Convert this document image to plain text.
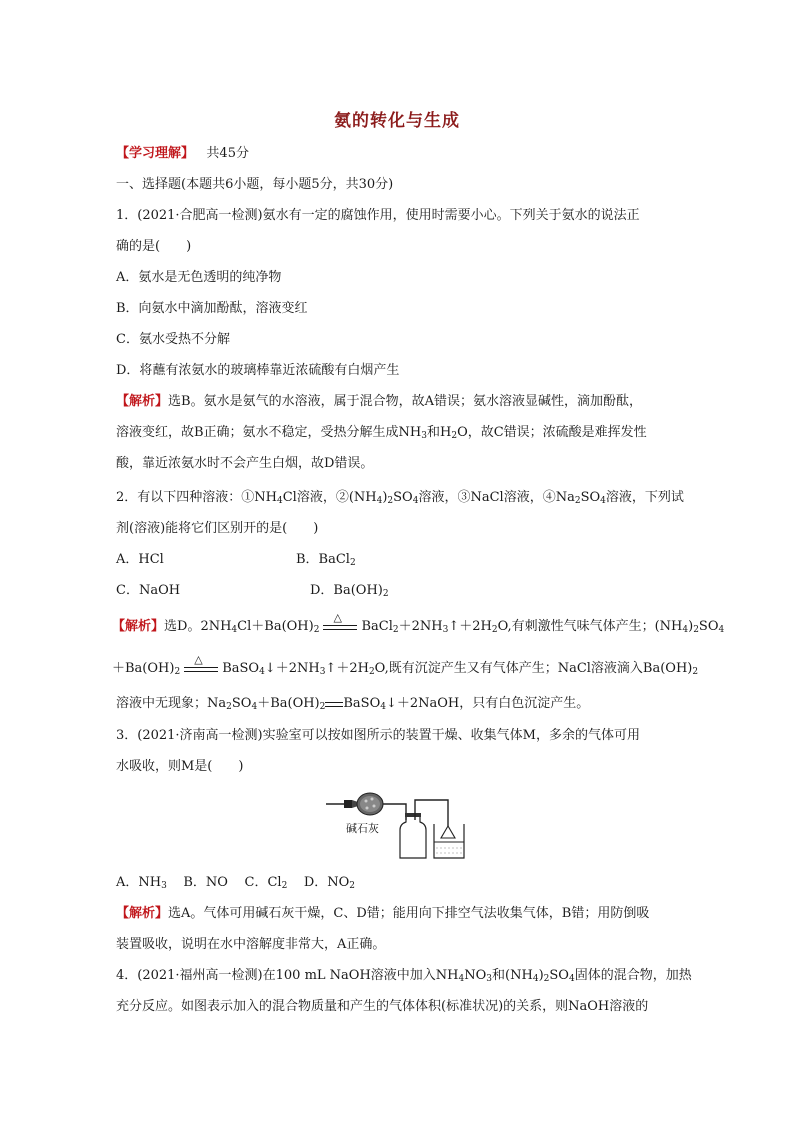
氨的转化与生成
【学习理解】 共45分
一、选择题(本题共6小题，每小题5分，共30分)
1．(2021·合肥高一检测)氨水有一定的腐蚀作用，使用时需要小心。下列关于氨水的说法正
确的是(　　)
A．氨水是无色透明的纯净物
B．向氨水中滴加酚酞，溶液变红
C．氨水受热不分解
D．将蘸有浓氨水的玻璃棒靠近浓硫酸有白烟产生
【解析】选B。氨水是氨气的水溶液，属于混合物，故A错误；氨水溶液显碱性，滴加酚酞，
溶液变红，故B正确；氨水不稳定，受热分解生成$NH_3$和$H_2O$，故C错误；浓硫酸是难挥发性
酸，靠近浓氨水时不会产生白烟，故D错误。
2．有以下四种溶液：$①NH_4Cl$溶液，$②(NH_4)_2SO_4$溶液，③NaCl溶液，$④Na_2SO_4$溶液，下列试
剂(溶液)能将它们区别开的是(　　)
A．HCl	B．BaCl$_2$
C．NaOH	D．$Ba(OH)_2$
【解析】选D。$2NH_4Cl+Ba(OH)_2$
△
$BaCl_2+2NH_3↑+2H_2O$,有刺激性气味气体产生；$(NH_4)_2SO_4$
$+Ba(OH)_2$
△
$BaSO_4↓+2NH_3↑+2H_2O$,既有沉淀产生又有气体产生；NaCl溶液滴入$Ba(OH)_2$
溶液中无现象；$Na_2SO_4+Ba(OH)_2$ BaSO$_4$↓＋2NaOH，只有白色沉淀产生。
3．(2021·济南高一检测)实验室可以按如图所示的装置干燥、收集气体M，多余的气体可用
水吸收，则M是(　　)
碱石灰
A．$NH_3$ B．NO C．$Cl_2$ D．$NO_2$
【解析】选A。气体可用碱石灰干燥，C、D错；能用向下排空气法收集气体，B错；用防倒吸
装置吸收，说明在水中溶解度非常大，A正确。
4．(2021·福州高一检测)在100 mL NaOH溶液中加入$NH_4NO_3$和$(NH_4)_2SO_4$固体的混合物，加热
充分反应。如图表示加入的混合物质量和产生的气体体积(标准状况)的关系，则NaOH溶液的
